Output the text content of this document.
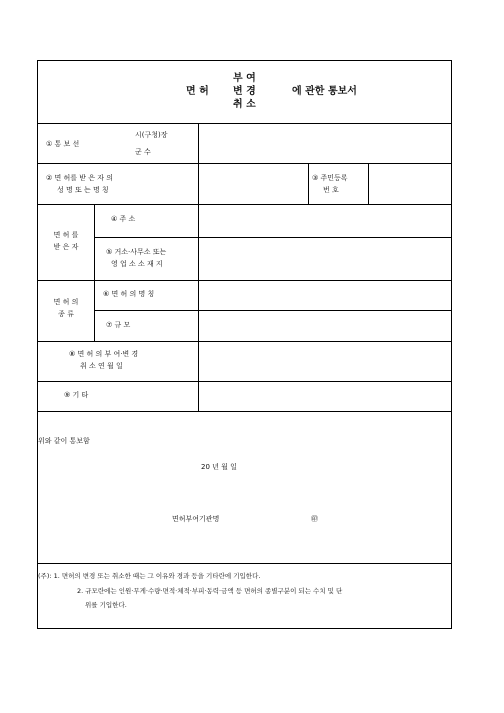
부 여
면 허 변 경	에 관한 통보서
취 소
① 통 보 선
시(구청)장
군 수
② 면 허를 받 은 자 의
성 명 또 는 명 칭
③ 주민등록
번 호
면 허 를
받 은 자
④ 주 소
⑤ 거소·사무소 또는
영 업 소 소 재 지
면 허 의
종 류
⑥ 면 허 의 명 칭
⑦ 규 모
⑧ 면 허 의 부 여·변 경
취 소 연 월 일
⑨ 기 타
위와 같이 통보함
20 년 월 일
면허부여기관명	㊞
(주): 1. 면허의 변경 또는 취소한 때는 그 이유와 경과 등을 기타란에 기입한다.
2. 규모란에는 인원·무게·수량·면적·체적·부피·동력·금액 등 면허의 종별구분이 되는 수치 및 단
위를 기입한다.
